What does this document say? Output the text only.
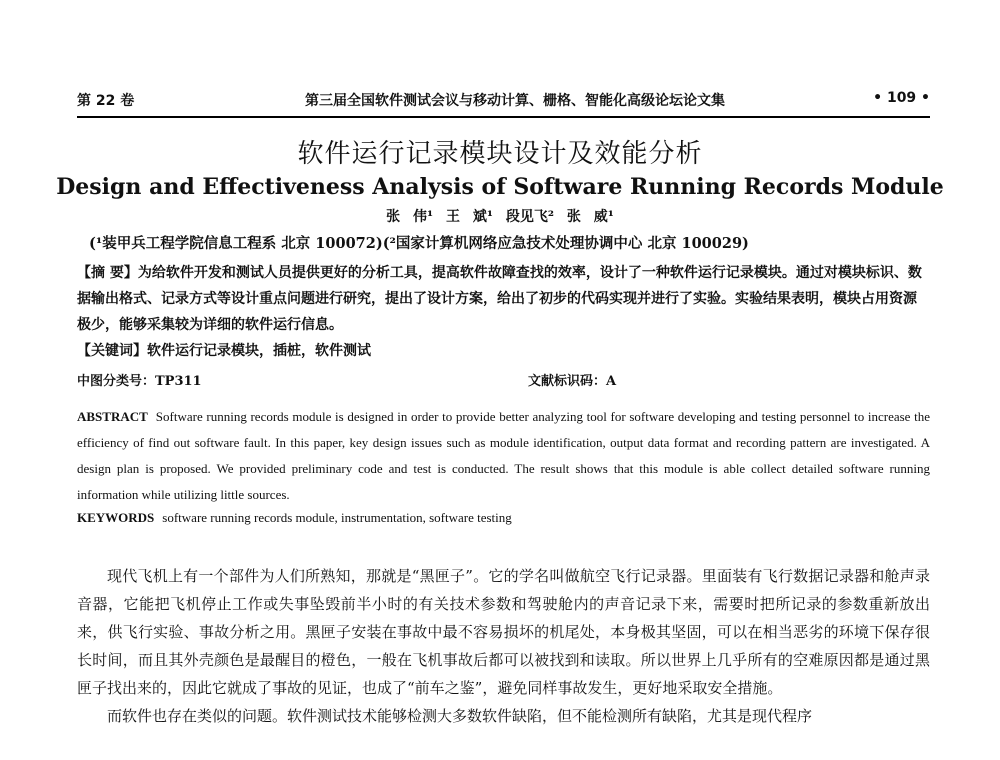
第 22 卷	第三届全国软件测试会议与移动计算、栅格、智能化高级论坛论文集	• 109 •
软件运行记录模块设计及效能分析
Design and Effectiveness Analysis of Software Running Records Module
张 伟¹ 王 斌¹ 段见飞² 张 威¹
(¹装甲兵工程学院信息工程系 北京 100072)(²国家计算机网络应急技术处理协调中心 北京 100029)
【摘 要】为给软件开发和测试人员提供更好的分析工具，提高软件故障查找的效率，设计了一种软件运行记录模块。通过对模块标识、数据输出格式、记录方式等设计重点问题进行研究，提出了设计方案，给出了初步的代码实现并进行了实验。实验结果表明，模块占用资源极少，能够采集较为详细的软件运行信息。
【关键词】软件运行记录模块，插桩，软件测试
中图分类号：TP311	文献标识码：A
ABSTRACT Software running records module is designed in order to provide better analyzing tool for software developing and testing personnel to increase the efficiency of find out software fault. In this paper, key design issues such as module identification, output data format and recording pattern are investigated. A design plan is proposed. We provided preliminary code and test is conducted. The result shows that this module is able collect detailed software running information while utilizing little sources.
KEYWORDS software running records module, instrumentation, software testing

现代飞机上有一个部件为人们所熟知，那就是“黑匣子”。它的学名叫做航空飞行记录器。里面装有飞行数据记录器和舱声录音器，它能把飞机停止工作或失事坠毁前半小时的有关技术参数和驾驶舱内的声音记录下来，需要时把所记录的参数重新放出来，供飞行实验、事故分析之用。黑匣子安装在事故中最不容易损坏的机尾处，本身极其坚固，可以在相当恶劣的环境下保存很长时间，而且其外壳颜色是最醒目的橙色，一般在飞机事故后都可以被找到和读取。所以世界上几乎所有的空难原因都是通过黑匣子找出来的，因此它就成了事故的见证，也成了“前车之鉴”，避免同样事故发生，更好地采取安全措施。

而软件也存在类似的问题。软件测试技术能够检测大多数软件缺陷，但不能检测所有缺陷，尤其是现代程序
